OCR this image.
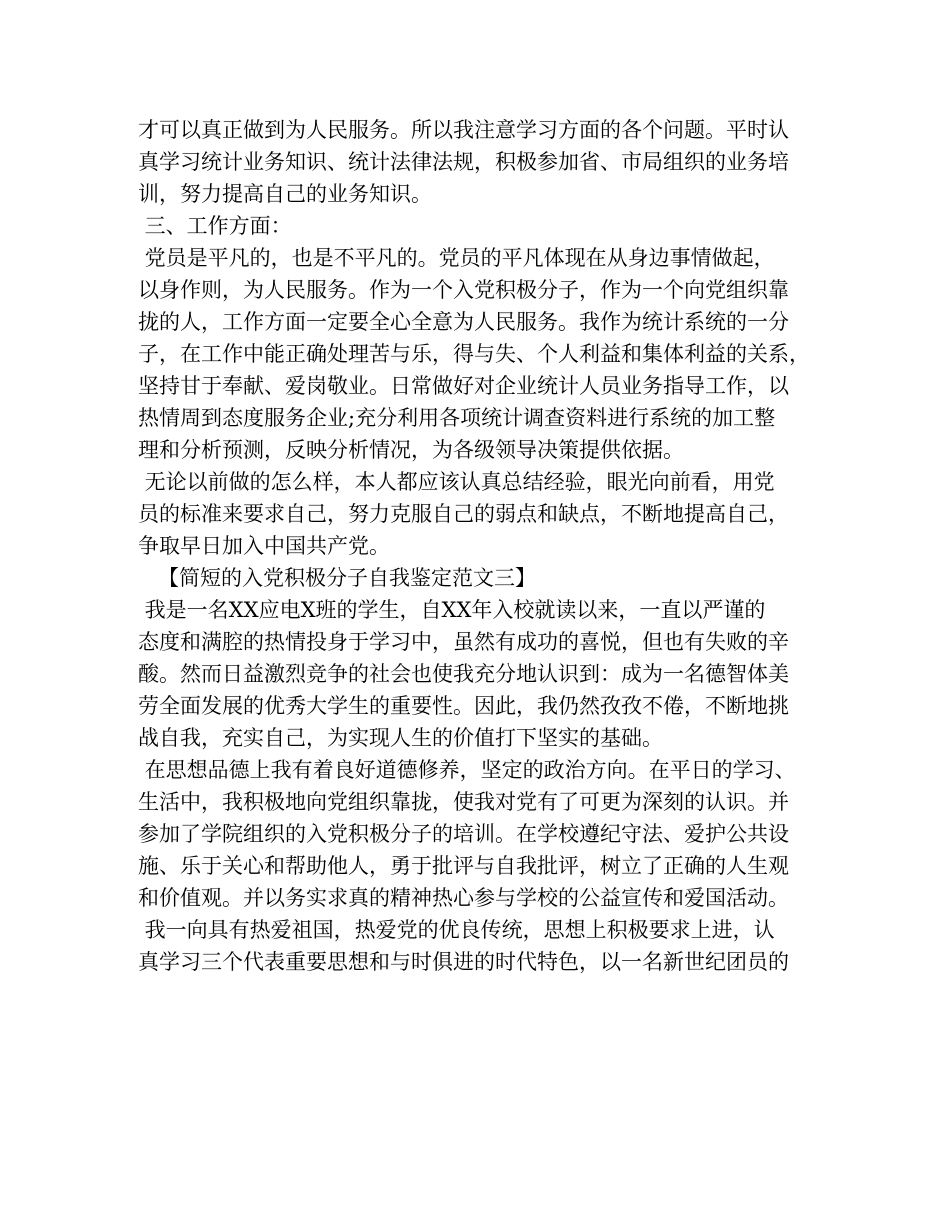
才可以真正做到为人民服务。所以我注意学习方面的各个问题。平时认

真学习统计业务知识、统计法律法规，积极参加省、市局组织的业务培

训，努力提高自己的业务知识。

三、工作方面：

党员是平凡的，也是不平凡的。党员的平凡体现在从身边事情做起，

以身作则，为人民服务。作为一个入党积极分子，作为一个向党组织靠

拢的人，工作方面一定要全心全意为人民服务。我作为统计系统的一分

子，在工作中能正确处理苦与乐，得与失、个人利益和集体利益的关系，

坚持甘于奉献、爱岗敬业。日常做好对企业统计人员业务指导工作，以

热情周到态度服务企业;充分利用各项统计调查资料进行系统的加工整

理和分析预测，反映分析情况，为各级领导决策提供依据。

无论以前做的怎么样，本人都应该认真总结经验，眼光向前看，用党

员的标准来要求自己，努力克服自己的弱点和缺点，不断地提高自己，

争取早日加入中国共产党。

【简短的入党积极分子自我鉴定范文三】

我是一名XX应电X班的学生，自XX年入校就读以来，一直以严谨的

态度和满腔的热情投身于学习中，虽然有成功的喜悦，但也有失败的辛

酸。然而日益激烈竞争的社会也使我充分地认识到：成为一名德智体美

劳全面发展的优秀大学生的重要性。因此，我仍然孜孜不倦，不断地挑

战自我，充实自己，为实现人生的价值打下坚实的基础。

在思想品德上我有着良好道德修养，坚定的政治方向。在平日的学习、

生活中，我积极地向党组织靠拢，使我对党有了可更为深刻的认识。并

参加了学院组织的入党积极分子的培训。在学校遵纪守法、爱护公共设

施、乐于关心和帮助他人，勇于批评与自我批评，树立了正确的人生观

和价值观。并以务实求真的精神热心参与学校的公益宣传和爱国活动。

我一向具有热爱祖国，热爱党的优良传统，思想上积极要求上进，认

真学习三个代表重要思想和与时俱进的时代特色，以一名新世纪团员的
